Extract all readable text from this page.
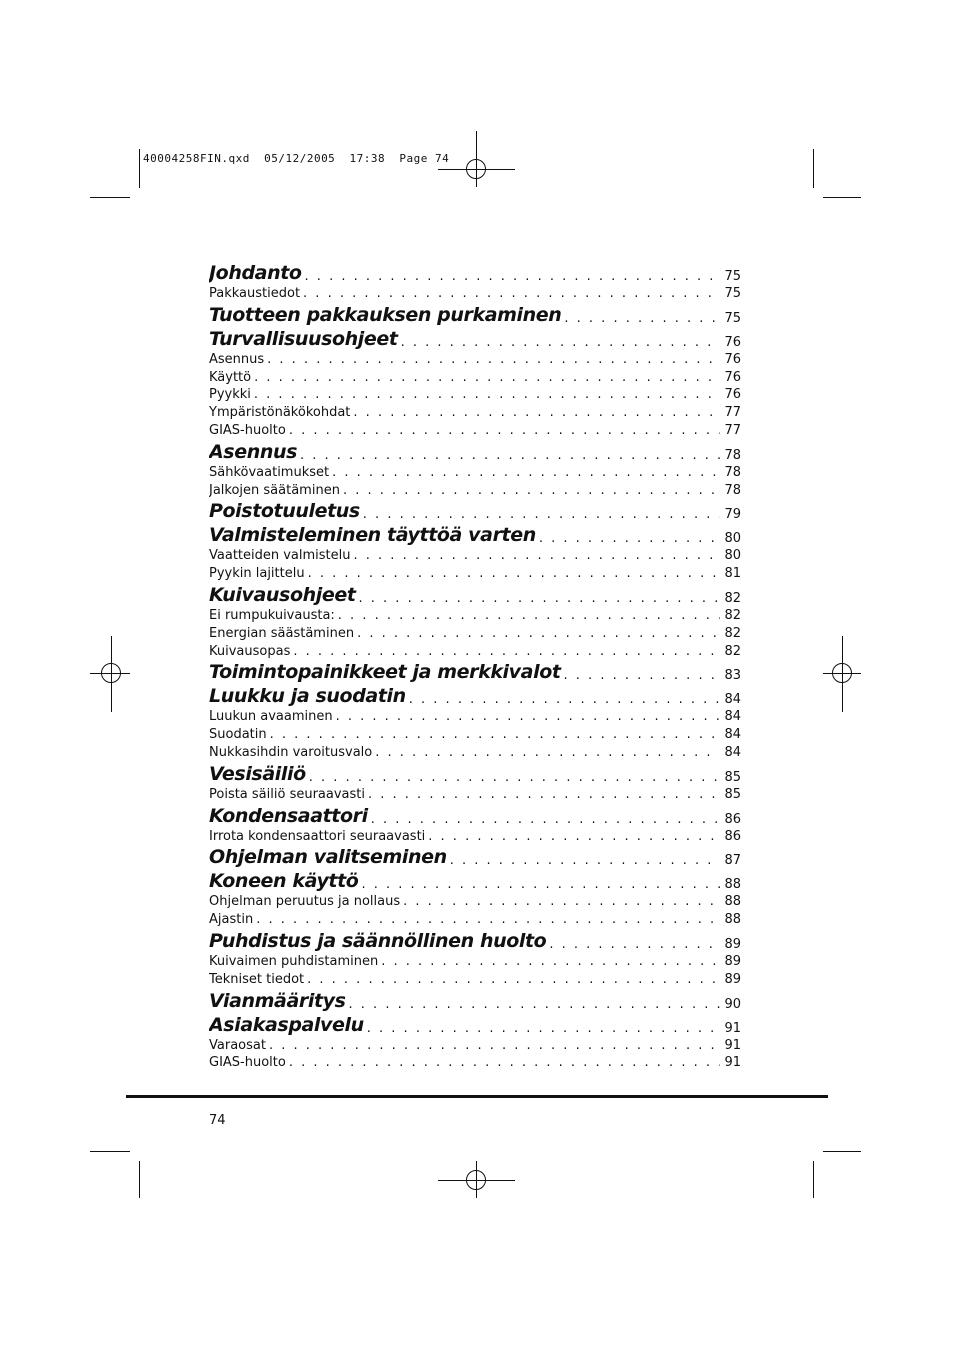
40004258FIN.qxd  05/12/2005  17:38  Page 74
Johdanto . . .	75
Pakkaustiedot . . .	75
Tuotteen pakkauksen purkaminen . . .	75
Turvallisuusohjeet . . .	76
Asennus . . .	76
Käyttö . . .	76
Pyykki . . .	76
Ympäristönäkökohdat . . .	77
GIAS-huolto . . .	77
Asennus . . .	78
Sähkövaatimukset . . .	78
Jalkojen säätäminen . . .	78
Poistotuuletus . . .	79
Valmisteleminen täyttöä varten . . .	80
Vaatteiden valmistelu . . .	80
Pyykin lajittelu . . .	81
Kuivausohjeet . . .	82
Ei rumpukuivausta: . . .	82
Energian säästäminen . . .	82
Kuivausopas . . .	82
Toimintopainikkeet ja merkkivalot . . .	83
Luukku ja suodatin . . .	84
Luukun avaaminen . . .	84
Suodatin . . .	84
Nukkasihdin varoitusvalo . . .	84
Vesisäiliö . . .	85
Poista säiliö seuraavasti . . .	85
Kondensaattori . . .	86
Irrota kondensaattori seuraavasti . . .	86
Ohjelman valitseminen . . .	87
Koneen käyttö . . .	88
Ohjelman peruutus ja nollaus . . .	88
Ajastin . . .	88
Puhdistus ja säännöllinen huolto . . .	89
Kuivaimen puhdistaminen . . .	89
Tekniset tiedot . . .	89
Vianmääritys . . .	90
Asiakaspalvelu . . .	91
Varaosat . . .	91
GIAS-huolto . . .	91
74
